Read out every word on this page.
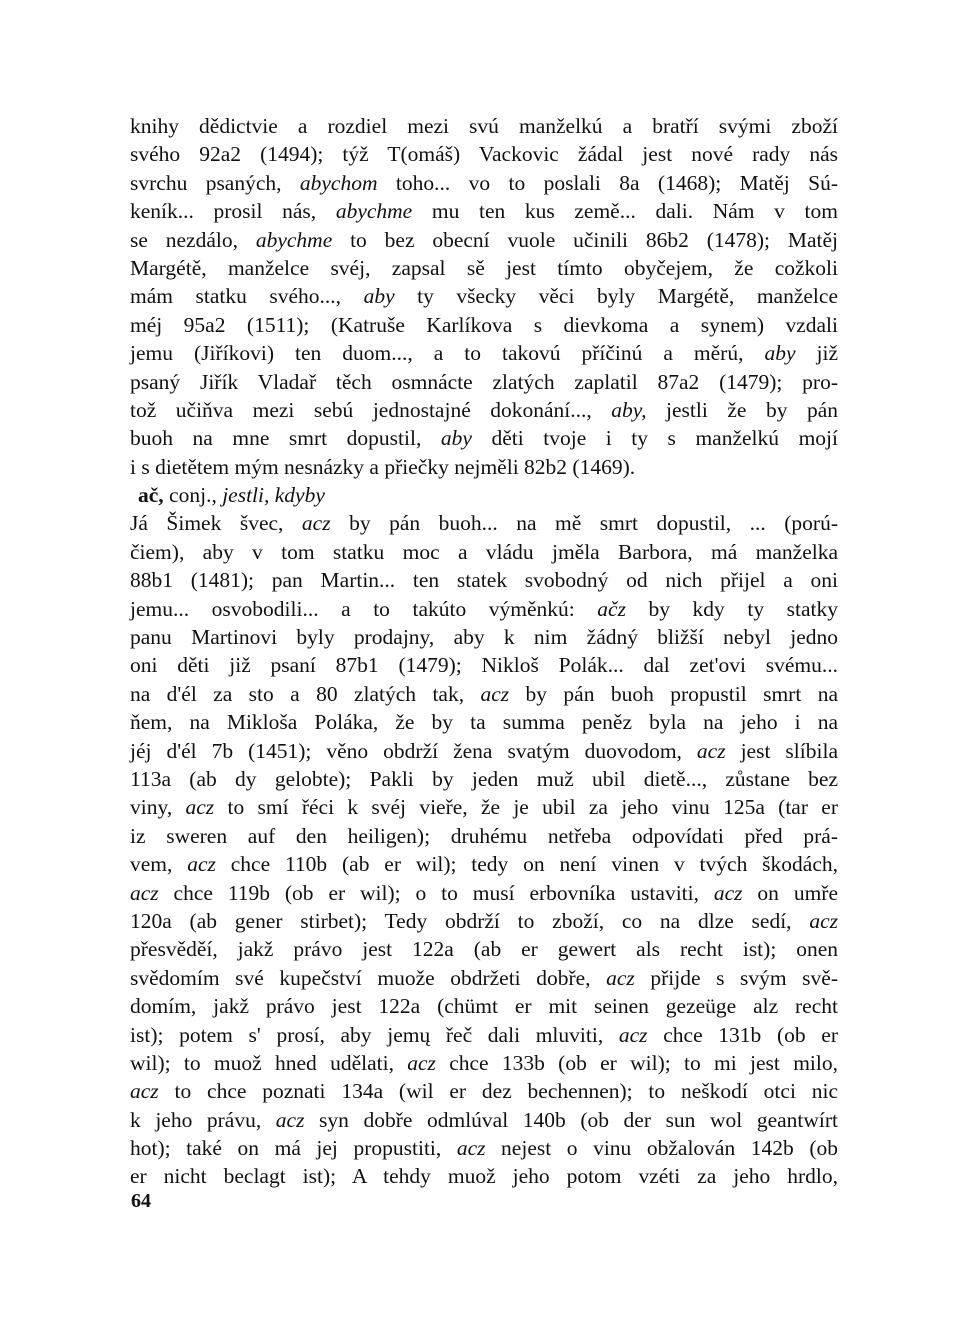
knihy dědictvie a rozdiel mezi svú manželkú a bratří svými zboží
svého 92a2 (1494); týž T(omáš) Vackovic žádal jest nové rady nás
svrchu psaných, abychom toho... vo to poslali 8a (1468); Matěj Sú-
keník... prosil nás, abychme mu ten kus země... dali. Nám v tom
se nezdálo, abychme to bez obecní vuole učinili 86b2 (1478); Matěj
Margétě, manželce svéj, zapsal sě jest tímto obyčejem, že cožkoli
mám statku svého..., aby ty všecky věci byly Margétě, manželce
méj 95a2 (1511); (Katruše Karlíkova s dievkoma a synem) vzdali
jemu (Jiříkovi) ten duom..., a to takovú příčinú a měrú, aby již
psaný Jiřík Vladař těch osmnácte zlatých zaplatil 87a2 (1479); pro-
tož učiňva mezi sebú jednostajné dokonání..., aby, jestli že by pán
buoh na mne smrt dopustil, aby děti tvoje i ty s manželkú mojí
i s dietětem mým nesnázky a přiečky nejměli 82b2 (1469).
ač, conj., jestli, kdyby
Já Šimek švec, acz by pán buoh... na mě smrt dopustil, ... (porú-
čiem), aby v tom statku moc a vládu jměla Barbora, má manželka
88b1 (1481); pan Martin... ten statek svobodný od nich přijel a oni
jemu... osvobodili... a to takúto výměnkú: ačz by kdy ty statky
panu Martinovi byly prodajny, aby k nim žádný bližší nebyl jedno
oni děti již psaní 87b1 (1479); Nikloš Polák... dal zet'ovi svému...
na d'él za sto a 80 zlatých tak, acz by pán buoh propustil smrt na
ňem, na Mikloša Poláka, že by ta summa peněz byla na jeho i na
jéj d'él 7b (1451); věno obdrží žena svatým duovodom, acz jest slíbila
113a (ab dy gelobte); Pakli by jeden muž ubil dietě..., zůstane bez
viny, acz to smí řéci k svéj vieře, že je ubil za jeho vinu 125a (tar er
iz sweren auf den heiligen); druhému netřeba odpovídati před prá-
vem, acz chce 110b (ab er wil); tedy on není vinen v tvých škodách,
acz chce 119b (ob er wil); o to musí erbovníka ustaviti, acz on umře
120a (ab gener stirbet); Tedy obdrží to zboží, co na dlze sedí, acz
přesvěděí, jakž právo jest 122a (ab er gewert als recht ist); onen
svědomím své kupečství muože obdržeti dobře, acz přijde s svým svě-
domím, jakž právo jest 122a (chümt er mit seinen gezeüge alz recht
ist); potem s' prosí, aby jemų řeč dali mluviti, acz chce 131b (ob er
wil); to muož hned udělati, acz chce 133b (ob er wil); to mi jest milo,
acz to chce poznati 134a (wil er dez bechennen); to neškodí otci nic
k jeho právu, acz syn dobře odmlúval 140b (ob der sun wol geantwírt
hot); také on má jej propustiti, acz nejest o vinu obžalován 142b (ob
er nicht beclagt ist); A tehdy muož jeho potom vzéti za jeho hrdlo,
64
